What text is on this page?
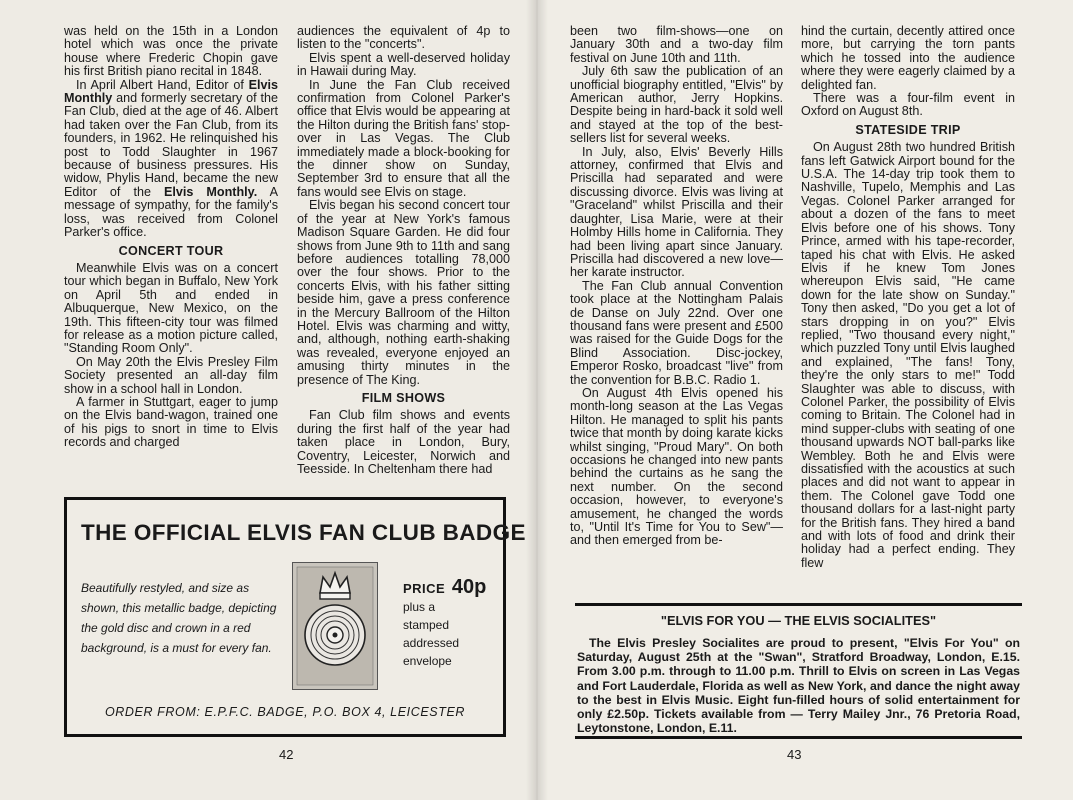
was held on the 15th in a London hotel which was once the private house where Frederic Chopin gave his first British piano recital in 1848.

In April Albert Hand, Editor of Elvis Monthly and formerly secretary of the Fan Club, died at the age of 46. Albert had taken over the Fan Club, from its founders, in 1962. He relinquished his post to Todd Slaughter in 1967 because of business pressures. His widow, Phylis Hand, became the new Editor of the Elvis Monthly. A message of sympathy, for the family's loss, was received from Colonel Parker's office.

CONCERT TOUR

Meanwhile Elvis was on a concert tour which began in Buffalo, New York on April 5th and ended in Albuquerque, New Mexico, on the 19th. This fifteen-city tour was filmed for release as a motion picture called, "Standing Room Only".

On May 20th the Elvis Presley Film Society presented an all-day film show in a school hall in London.

A farmer in Stuttgart, eager to jump on the Elvis band-wagon, trained one of his pigs to snort in time to Elvis records and charged

audiences the equivalent of 4p to listen to the "concerts".

Elvis spent a well-deserved holiday in Hawaii during May.

In June the Fan Club received confirmation from Colonel Parker's office that Elvis would be appearing at the Hilton during the British fans' stop-over in Las Vegas. The Club immediately made a block-booking for the dinner show on Sunday, September 3rd to ensure that all the fans would see Elvis on stage.

Elvis began his second concert tour of the year at New York's famous Madison Square Garden. He did four shows from June 9th to 11th and sang before audiences totalling 78,000 over the four shows. Prior to the concerts Elvis, with his father sitting beside him, gave a press conference in the Mercury Ballroom of the Hilton Hotel. Elvis was charming and witty, and, although, nothing earth-shaking was revealed, everyone enjoyed an amusing thirty minutes in the presence of The King.

FILM SHOWS

Fan Club film shows and events during the first half of the year had taken place in London, Bury, Coventry, Leicester, Norwich and Teesside. In Cheltenham there had

THE OFFICIAL ELVIS FAN CLUB BADGE
Beautifully restyled, and size as shown, this metallic badge, depicting the gold disc and crown in a red background, is a must for every fan.
PRICE 40p
plus a
stamped
addressed
envelope
ORDER FROM: E.P.F.C. BADGE, P.O. BOX 4, LEICESTER
42

been two film-shows—one on January 30th and a two-day film festival on June 10th and 11th.

July 6th saw the publication of an unofficial biography entitled, "Elvis" by American author, Jerry Hopkins. Despite being in hard-back it sold well and stayed at the top of the best-sellers list for several weeks.

In July, also, Elvis' Beverly Hills attorney, confirmed that Elvis and Priscilla had separated and were discussing divorce. Elvis was living at "Graceland" whilst Priscilla and their daughter, Lisa Marie, were at their Holmby Hills home in California. They had been living apart since January. Priscilla had discovered a new love—her karate instructor.

The Fan Club annual Convention took place at the Nottingham Palais de Danse on July 22nd. Over one thousand fans were present and £500 was raised for the Guide Dogs for the Blind Association. Disc-jockey, Emperor Rosko, broadcast "live" from the convention for B.B.C. Radio 1.

On August 4th Elvis opened his month-long season at the Las Vegas Hilton. He managed to split his pants twice that month by doing karate kicks whilst singing, "Proud Mary". On both occasions he changed into new pants behind the curtains as he sang the next number. On the second occasion, however, to everyone's amusement, he changed the words to, "Until It's Time for You to Sew"—and then emerged from be-

hind the curtain, decently attired once more, but carrying the torn pants which he tossed into the audience where they were eagerly claimed by a delighted fan.

There was a four-film event in Oxford on August 8th.

STATESIDE TRIP

On August 28th two hundred British fans left Gatwick Airport bound for the U.S.A. The 14-day trip took them to Nashville, Tupelo, Memphis and Las Vegas. Colonel Parker arranged for about a dozen of the fans to meet Elvis before one of his shows. Tony Prince, armed with his tape-recorder, taped his chat with Elvis. He asked Elvis if he knew Tom Jones whereupon Elvis said, "He came down for the late show on Sunday." Tony then asked, "Do you get a lot of stars dropping in on you?" Elvis replied, "Two thousand every night," which puzzled Tony until Elvis laughed and explained, "The fans! Tony, they're the only stars to me!" Todd Slaughter was able to discuss, with Colonel Parker, the possibility of Elvis coming to Britain. The Colonel had in mind supper-clubs with seating of one thousand upwards NOT ball-parks like Wembley. Both he and Elvis were dissatisfied with the acoustics at such places and did not want to appear in them. The Colonel gave Todd one thousand dollars for a last-night party for the British fans. They hired a band and with lots of food and drink their holiday had a perfect ending. They flew

43
"ELVIS FOR YOU — THE ELVIS SOCIALITES"
The Elvis Presley Socialites are proud to present, "Elvis For You" on Saturday, August 25th at the "Swan", Stratford Broadway, London, E.15. From 3.00 p.m. through to 11.00 p.m. Thrill to Elvis on screen in Las Vegas and Fort Lauderdale, Florida as well as New York, and dance the night away to the best in Elvis Music. Eight fun-filled hours of solid entertainment for only £2.50p. Tickets available from — Terry Mailey Jnr., 76 Pretoria Road, Leytonstone, London, E.11.
